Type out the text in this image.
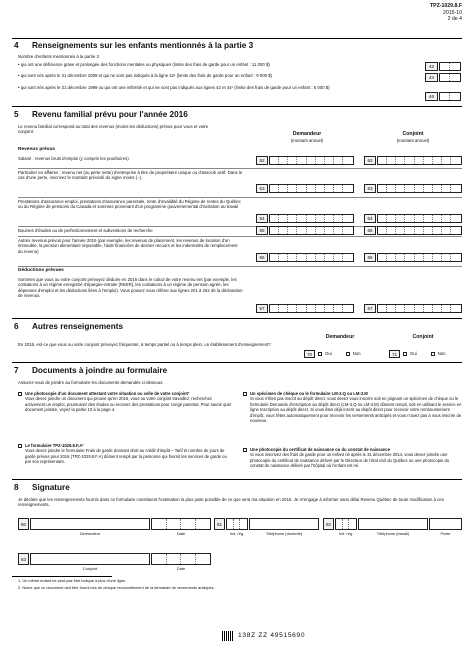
TPZ-1029.8.F
2015-10
2 de 4
4	Renseignements sur les enfants mentionnés à la partie 3
Nombre d'enfants mentionnés à la partie 3
• qui ont une déficience grave et prolongée des fonctions mentales ou physiques (limite des frais de garde pour un enfant : 11 000 $)	42
• qui sont nés après le 31 décembre 2009 et qui ne sont pas indiqués à la ligne 42¹ (limite des frais de garde pour un enfant : 9 000 $)	44
• qui sont nés après le 31 décembre 1999 ou qui ont une infirmité et qui ne sont pas indiqués aux lignes 42 et 44¹ (limite des frais de garde pour un enfant : 5 000 $)
46
5	Revenu familial prévu pour l'année 2016
Le revenu familial correspond au total des revenus (moins les déductions) prévus pour vous et votre conjoint.	Demandeur
(montant annuel)
Conjoint
(montant annuel)
Revenus prévus
Salarié : revenus bruts d'emploi (y compris les pourboires)	52	62
Particulier en affaires : revenu net (ou perte nette) d'entreprise à titre de propriétaire unique ou d'associé actif. Dans le cas d'une perte, inscrivez le montant précédé du signe moins (−).
53	63
Prestations d'assurance emploi, prestations d'assurance parentale, rente d'invalidité du Régime de rentes du Québec ou du Régime de pensions du Canada et sommes provenant d'un programme gouvernemental d'incitation au travail
54	64
Bourses d'études ou de perfectionnement et subventions de recherche	55	65
Autres revenus prévus pour l'année 2016 (par exemple, les revenus de placement, les revenus de location d'un immeuble, la pension alimentaire imposable, l'aide financière de dernier recours et les indemnités de remplacement du revenu)
56	66
Déductions prévues
Sommes que vous ou votre conjoint prévoyez déduire en 2016 dans le calcul de votre revenu net (par exemple, les cotisations à un régime enregistré d'épargne-retraite [REER], les cotisations à un régime de pension agréé, les dépenses d'emploi et les déductions liées à l'emploi). Vous pouvez vous référer aux lignes 201 à 252 de la déclaration de revenus.
57	67
6	Autres renseignements
Demandeur	Conjoint
En 2016, est-ce que vous ou votre conjoint prévoyez fréquenter, à temps partiel ou à temps plein, un établissement d'enseignement?
70	Oui	Non	71	Oui	Non
7	Documents à joindre au formulaire
Assurez-vous de joindre au formulaire les documents demandés ci-dessous.
Une photocopie d'un document attestant votre situation ou celle de votre conjoint²
Vous devez joindre un document qui prouve qu'en 2016, vous ou votre conjoint travaillez, recherchez activement un emploi, poursuivez des études ou recevez des prestations pour congé parental. Pour savoir quel document joindre, voyez la partie 10 à la page 4.
Le formulaire TPZ-1029.8.F.A²
Vous devez joindre le formulaire Frais de garde donnant droit au crédit d'impôt – Tarif et nombre de jours de garde prévus pour 2016 (TPZ-1029.8.F.A) dûment rempli par la personne qui fournit les services de garde ou par son représentant.
Un spécimen de chèque ou le formulaire LM-3.Q ou LM-3.M
Si vous n'êtes pas inscrit au dépôt direct, vous devez vous inscrire soit en joignant un spécimen de chèque ou le formulaire Demande d'inscription au dépôt direct (LM-3.Q ou LM-3.M) dûment rempli, soit en utilisant le service en ligne Inscription au dépôt direct. Si vous êtes déjà inscrit au dépôt direct pour recevoir votre remboursement d'impôt, vous l'êtes automatiquement pour recevoir les versements anticipés et vous n'avez pas à vous inscrire de nouveau.
Une photocopie du certificat de naissance ou du constat de naissance
Si vous inscrivez des frais de garde pour un enfant né après le 31 décembre 2014, vous devez joindre une photocopie du certificat de naissance délivré par le Directeur de l'état civil du Québec ou une photocopie du constat de naissance délivré par l'hôpital où l'enfant est né.
8	Signature
Je déclare que les renseignements fournis dans ce formulaire constituent l'estimation la plus juste possible de ce que sera ma situation en 2016. Je m'engage à informer sans délai Revenu Québec de toute modification à ces renseignements.
80	81	82
Demandeur	Date	Ind. rég.	Téléphone (domicile)	Ind. rég.	Téléphone (travail)	Poste
83
Conjoint	Date
1. Un même enfant ne peut pas être indiqué à plus d'une ligne.
2. Notez que ce document doit être fourni lors de chaque renouvellement de la demande de versements anticipés.
138Z ZZ 49515690
